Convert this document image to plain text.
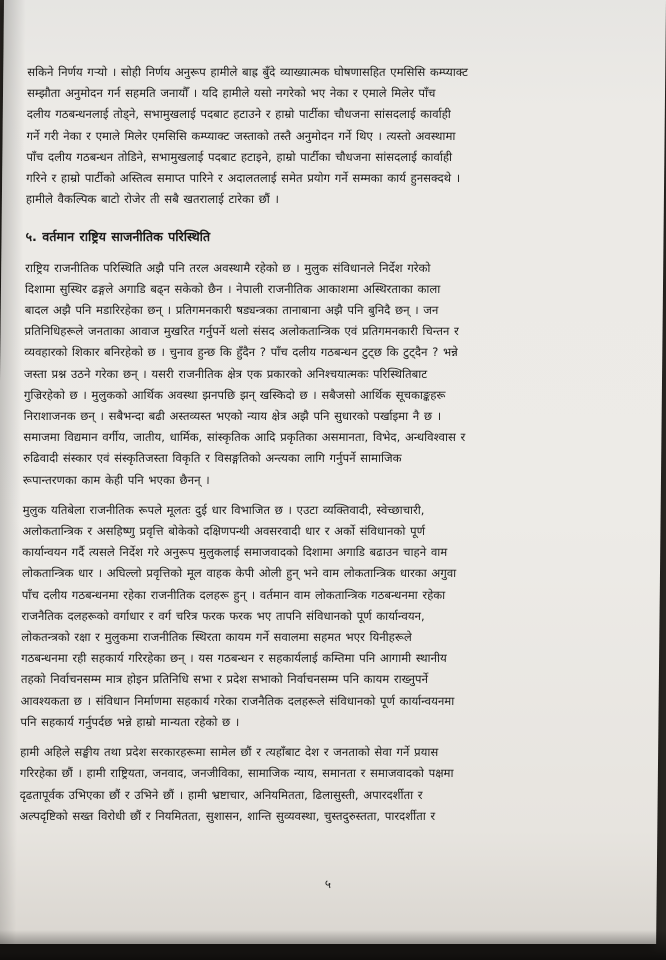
सकिने निर्णय गर्‍यो । सोही निर्णय अनुरूप हामीले बाह्र बुँदे व्याख्यात्मक घोषणासहित एमसिसि कम्प्याक्ट
सम्झौता अनुमोदन गर्न सहमति जनायौँ । यदि हामीले यसो नगरेको भए नेका र एमाले मिलेर पाँच
दलीय गठबन्धनलाई तोड्ने, सभामुखलाई पदबाट हटाउने र हाम्रो पार्टीका चौधजना सांसदलाई कार्वाही
गर्ने गरी नेका र एमाले मिलेर एमसिसि कम्प्याक्ट जस्ताको तस्तै अनुमोदन गर्ने थिए । त्यस्तो अवस्थामा
पाँच दलीय गठबन्धन तोडिने, सभामुखलाई पदबाट हटाइने, हाम्रो पार्टीका चौधजना सांसदलाई कार्वाही
गरिने र हाम्रो पार्टीको अस्तित्व समाप्त पारिने र अदालतलाई समेत प्रयोग गर्ने सम्मका कार्य हुनसक्दथे ।
हामीले वैकल्पिक बाटो रोजेर ती सबै खतरालाई टारेका छौं ।
५. वर्तमान राष्ट्रिय साजनीतिक परिस्थिति
राष्ट्रिय राजनीतिक परिस्थिति अझै पनि तरल अवस्थामै रहेको छ । मुलुक संविधानले निर्देश गरेको
दिशामा सुस्थिर ढङ्गले अगाडि बढ्न सकेको छैन । नेपाली राजनीतिक आकाशमा अस्थिरताका काला
बादल अझै पनि मडारिरहेका छन् । प्रतिगमनकारी षड्यन्त्रका तानाबाना अझै पनि बुनिदै छन् । जन
प्रतिनिधिहरूले जनताका आवाज मुखरित गर्नुपर्ने थलो संसद अलोकतान्त्रिक एवं प्रतिगमनकारी चिन्तन र
व्यवहारको शिकार बनिरहेको छ । चुनाव हुन्छ कि हुँदैन ? पाँच दलीय गठबन्धन टुट्छ कि टुट्दैन ? भन्ने
जस्ता प्रश्न उठने गरेका छन् । यसरी राजनीतिक क्षेत्र एक प्रकारको अनिश्चयात्मकः परिस्थितिबाट
गुज्रिरहेको छ । मुलुकको आर्थिक अवस्था झनपछि झन् खस्किदो छ । सबैजसो आर्थिक सूचकाङ्कहरू
निराशाजनक छन् । सबैभन्दा बढी अस्तव्यस्त भएको न्याय क्षेत्र अझै पनि सुधारको पर्खाइमा नै छ ।
समाजमा विद्यमान वर्गीय, जातीय, धार्मिक, सांस्कृतिक आदि प्रकृतिका असमानता, विभेद, अन्धविश्वास र
रुढिवादी संस्कार एवं संस्कृतिजस्ता विकृति र विसङ्गतिको अन्त्यका लागि गर्नुपर्ने सामाजिक
रूपान्तरणका काम केही पनि भएका छैनन् ।
मुलुक यतिबेला राजनीतिक रूपले मूलतः दुई धार विभाजित छ । एउटा व्यक्तिवादी, स्वेच्छाचारी,
अलोकतान्त्रिक र असहिष्णु प्रवृत्ति बोकेको दक्षिणपन्थी अवसरवादी धार र अर्को संविधानको पूर्ण
कार्यान्वयन गर्दै त्यसले निर्देश गरे अनुरूप मुलुकलाई समाजवादको दिशामा अगाडि बढाउन चाहने वाम
लोकतान्त्रिक धार । अघिल्लो प्रवृत्तिको मूल वाहक केपी ओली हुन् भने वाम लोकतान्त्रिक धारका अगुवा
पाँच दलीय गठबन्धनमा रहेका राजनीतिक दलहरू हुन् । वर्तमान वाम लोकतान्त्रिक गठबन्धनमा रहेका
राजनैतिक दलहरूको वर्गाधार र वर्ग चरित्र फरक फरक भए तापनि संविधानको पूर्ण कार्यान्वयन,
लोकतन्त्रको रक्षा र मुलुकमा राजनीतिक स्थिरता कायम गर्ने सवालमा सहमत भएर यिनीहरूले
गठबन्धनमा रही सहकार्य गरिरहेका छन् । यस गठबन्धन र सहकार्यलाई कम्तिमा पनि आगामी स्थानीय
तहको निर्वाचनसम्म मात्र होइन प्रतिनिधि सभा र प्रदेश सभाको निर्वाचनसम्म पनि कायम राख्नुपर्ने
आवश्यकता छ । संविधान निर्माणमा सहकार्य गरेका राजनैतिक दलहरूले संविधानको पूर्ण कार्यान्वयनमा
पनि सहकार्य गर्नुपर्दछ भन्ने हाम्रो मान्यता रहेको छ ।
हामी अहिले सङ्घीय तथा प्रदेश सरकारहरूमा सामेल छौं र त्यहाँबाट देश र जनताको सेवा गर्ने प्रयास
गरिरहेका छौं । हामी राष्ट्रियता, जनवाद, जनजीविका, सामाजिक न्याय, समानता र समाजवादको पक्षमा
दृढतापूर्वक उभिएका छौं र उभिने छौं । हामी भ्रष्टाचार, अनियमितता, ढिलासुस्ती, अपारदर्शीता र
अल्पदृष्टिको सख्त विरोधी छौं र नियमितता, सुशासन, शान्ति सुव्यवस्था, चुस्तदुरुस्तता, पारदर्शीता र
५
